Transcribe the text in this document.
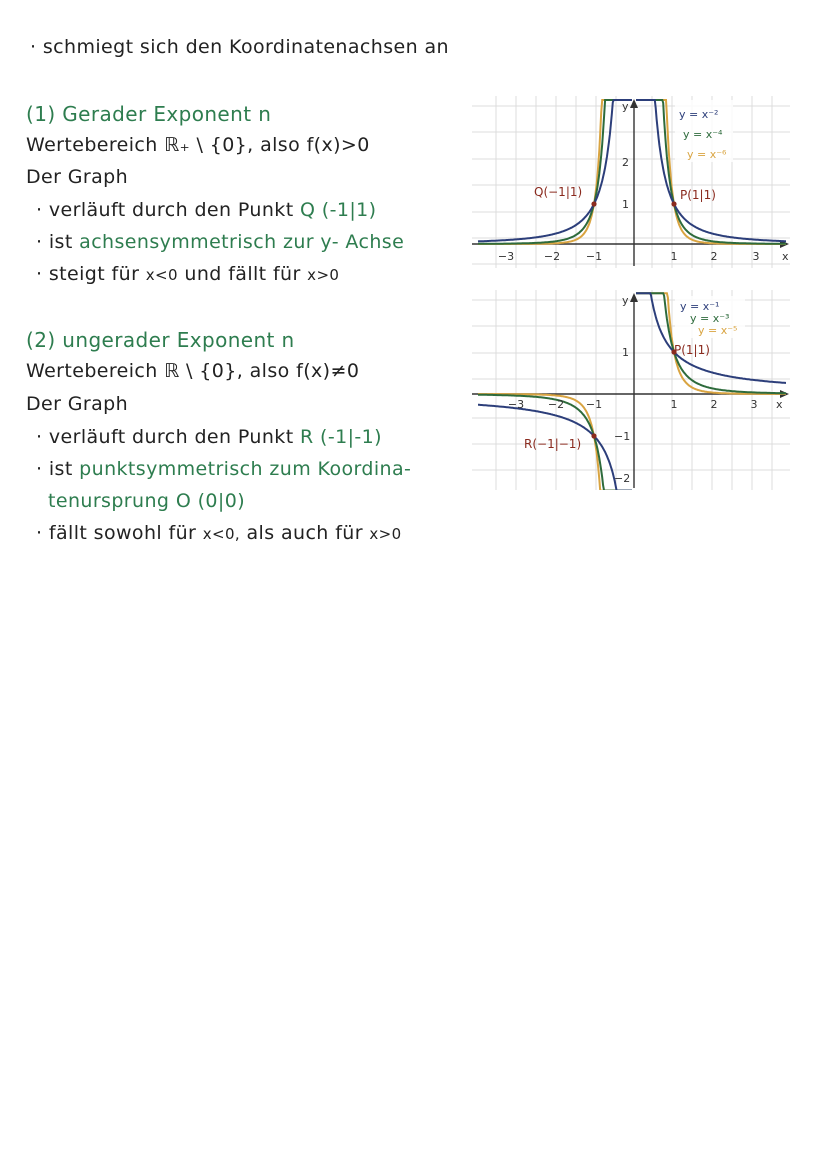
· schmiegt sich den Koordinatenachsen an
(1) Gerader Exponent n
Wertebereich ℝ₊ \ {0}, also f(x)>0
Der Graph
· verläuft durch den Punkt Q (-1|1)
· ist achsensymmetrisch zur y- Achse
· steigt für x<0 und fällt für x>0
(2) ungerader Exponent n
Wertebereich ℝ \ {0}, also f(x)≠0
Der Graph
· verläuft durch den Punkt R (-1|-1)
· ist punktsymmetrisch zum Koordina-
tenursprung O (0|0)
· fällt sowohl für x<0, als auch für x>0
−3	−2 −1	1	2	3 x
y
1
2
Q(−1|1)	P(1|1)
y = x⁻²
y = x⁻⁴
y = x⁻⁶
−3 −2 −1	1	2	3 x
y
1
−1
−2
R(−1|−1)
P(1|1)
y = x⁻¹
y = x⁻³
y = x⁻⁵
